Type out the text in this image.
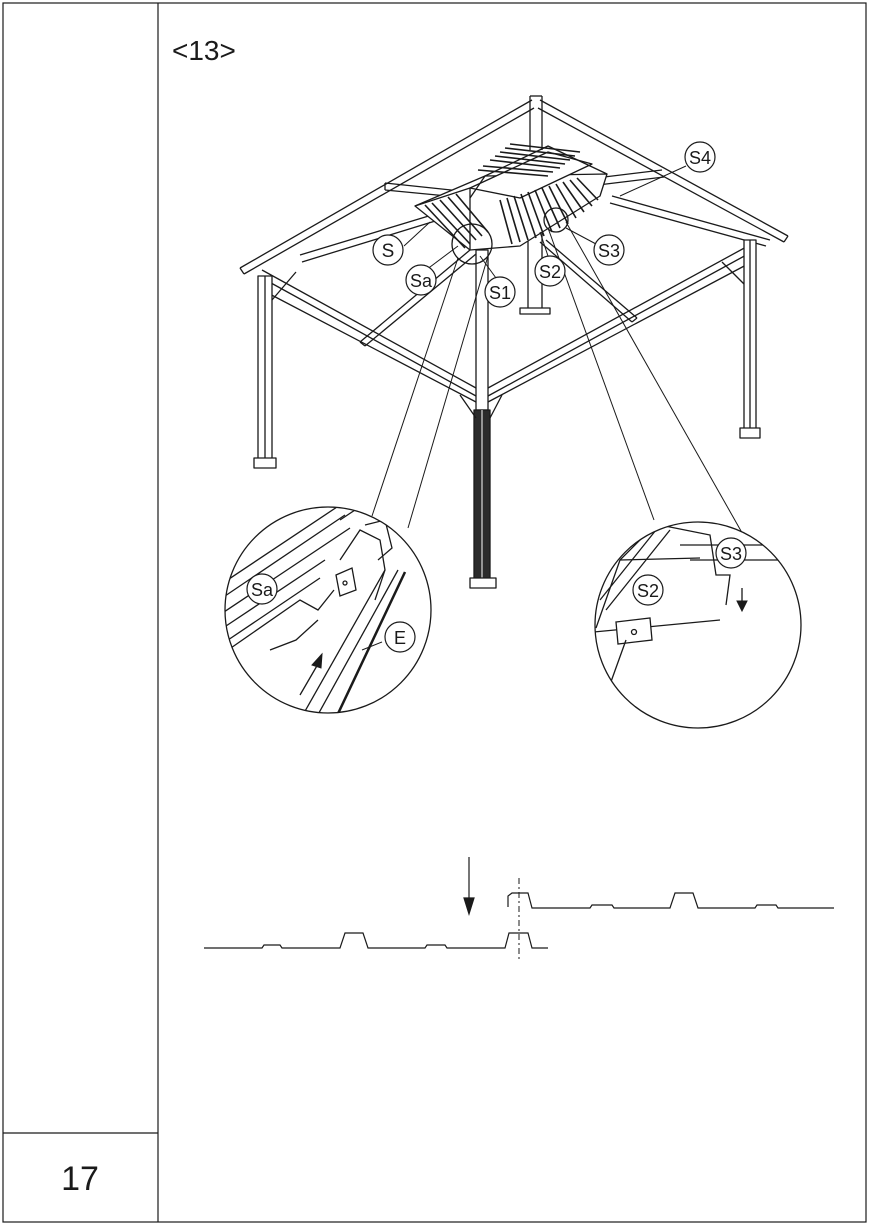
<13>
17
S
Sa
S1
S2
S3
S4
Sa
E
S2
S3
